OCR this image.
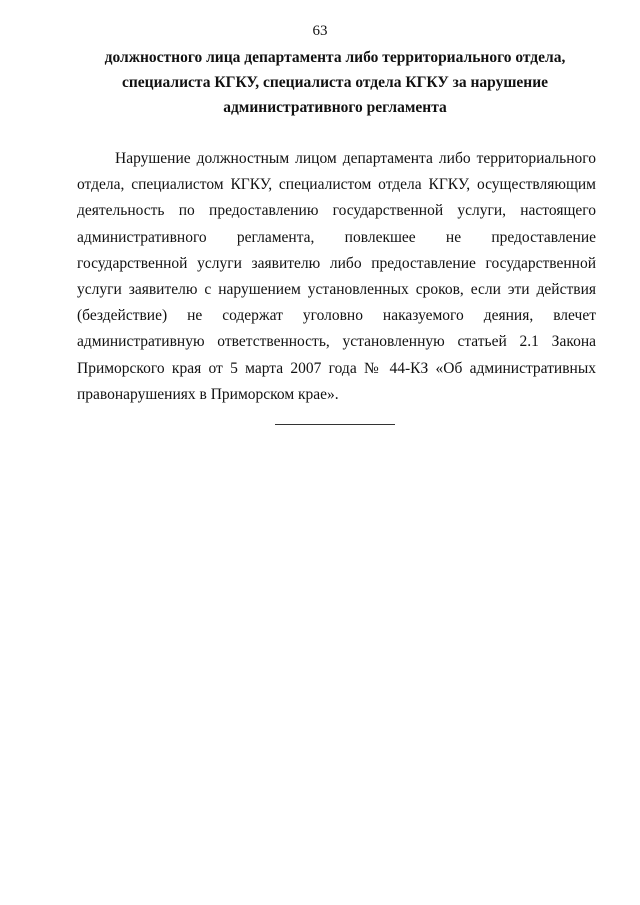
63
должностного лица департамента либо территориального отдела,
специалиста КГКУ, специалиста отдела КГКУ за нарушение
административного регламента

Нарушение должностным лицом департамента либо территориального отдела, специалистом КГКУ, специалистом отдела КГКУ, осуществляющим деятельность по предоставлению государственной услуги, настоящего административного регламента, повлекшее не предоставление государственной услуги заявителю либо предоставление государственной услуги заявителю с нарушением установленных сроков, если эти действия (бездействие) не содержат уголовно наказуемого деяния, влечет административную ответственность, установленную статьей 2.1 Закона Приморского края от 5 марта 2007 года № 44-КЗ «Об административных правонарушениях в Приморском крае».
